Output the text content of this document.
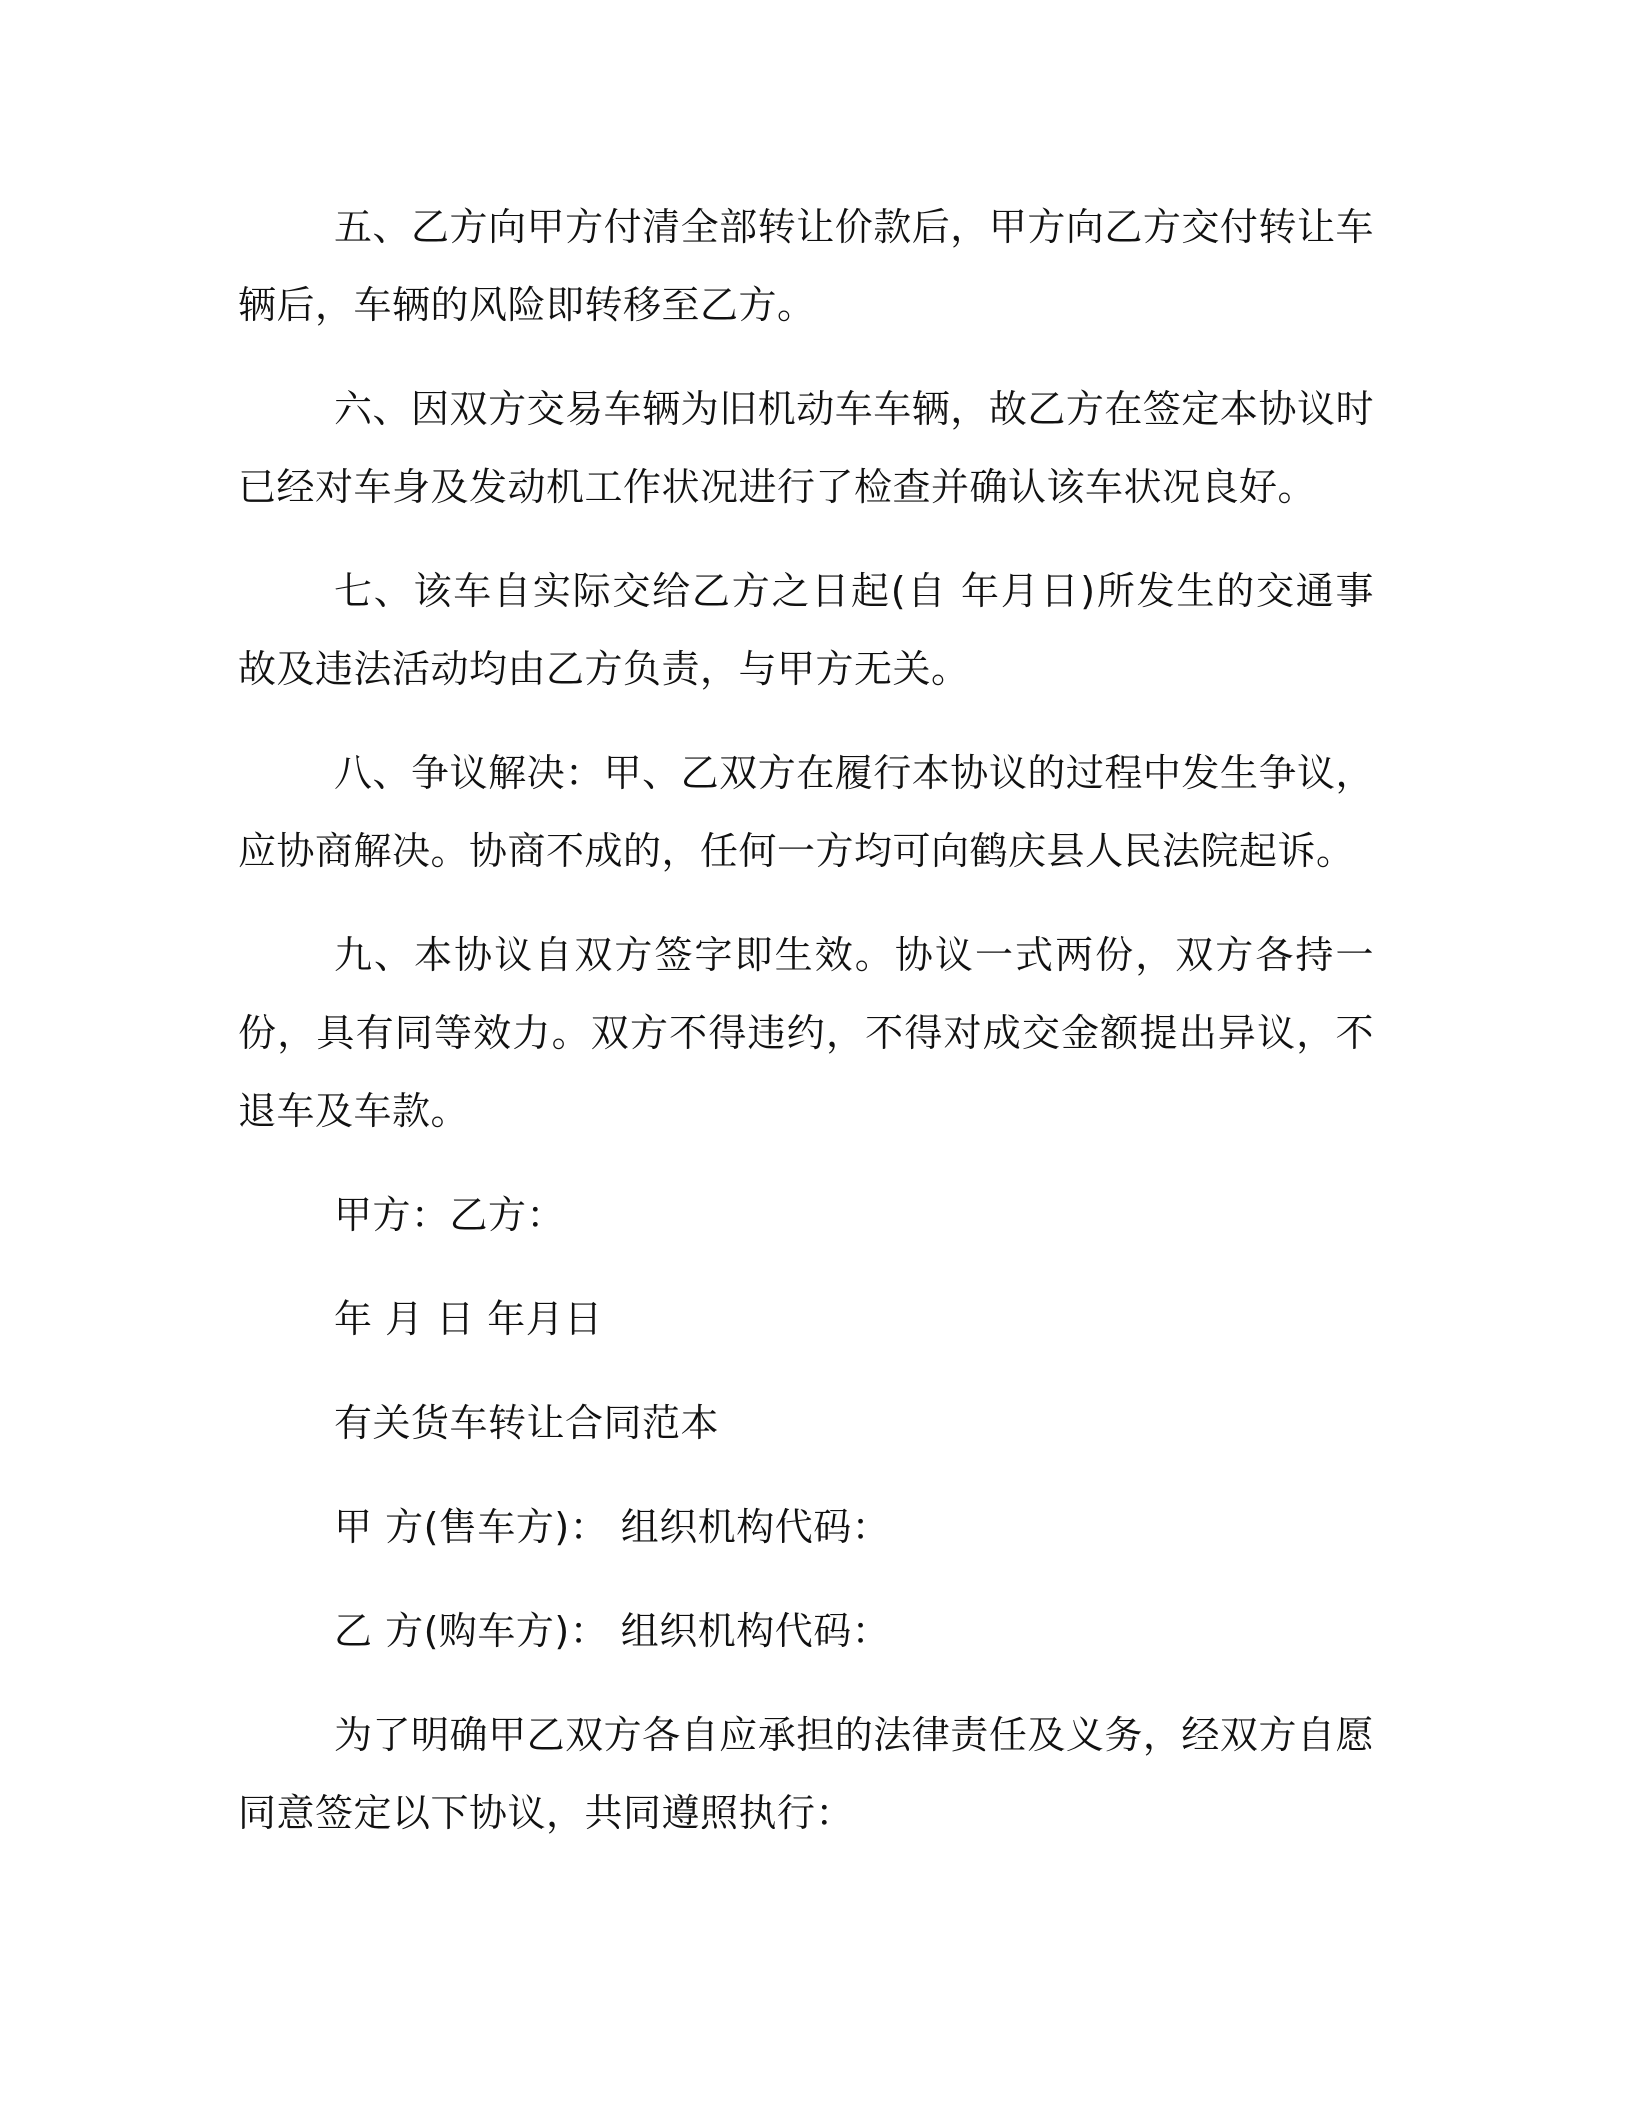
五、乙方向甲方付清全部转让价款后，甲方向乙方交付转让车辆后，车辆的风险即转移至乙方。

六、因双方交易车辆为旧机动车车辆，故乙方在签定本协议时已经对车身及发动机工作状况进行了检查并确认该车状况良好。

七、该车自实际交给乙方之日起(自 年月日)所发生的交通事故及违法活动均由乙方负责，与甲方无关。

八、争议解决：甲、乙双方在履行本协议的过程中发生争议，应协商解决。协商不成的，任何一方均可向鹤庆县人民法院起诉。

九、本协议自双方签字即生效。协议一式两份，双方各持一份，具有同等效力。双方不得违约，不得对成交金额提出异议，不退车及车款。

甲方：乙方：

年 月 日 年月日

有关货车转让合同范本

甲 方(售车方)： 组织机构代码：

乙 方(购车方)： 组织机构代码：

为了明确甲乙双方各自应承担的法律责任及义务，经双方自愿同意签定以下协议，共同遵照执行：
